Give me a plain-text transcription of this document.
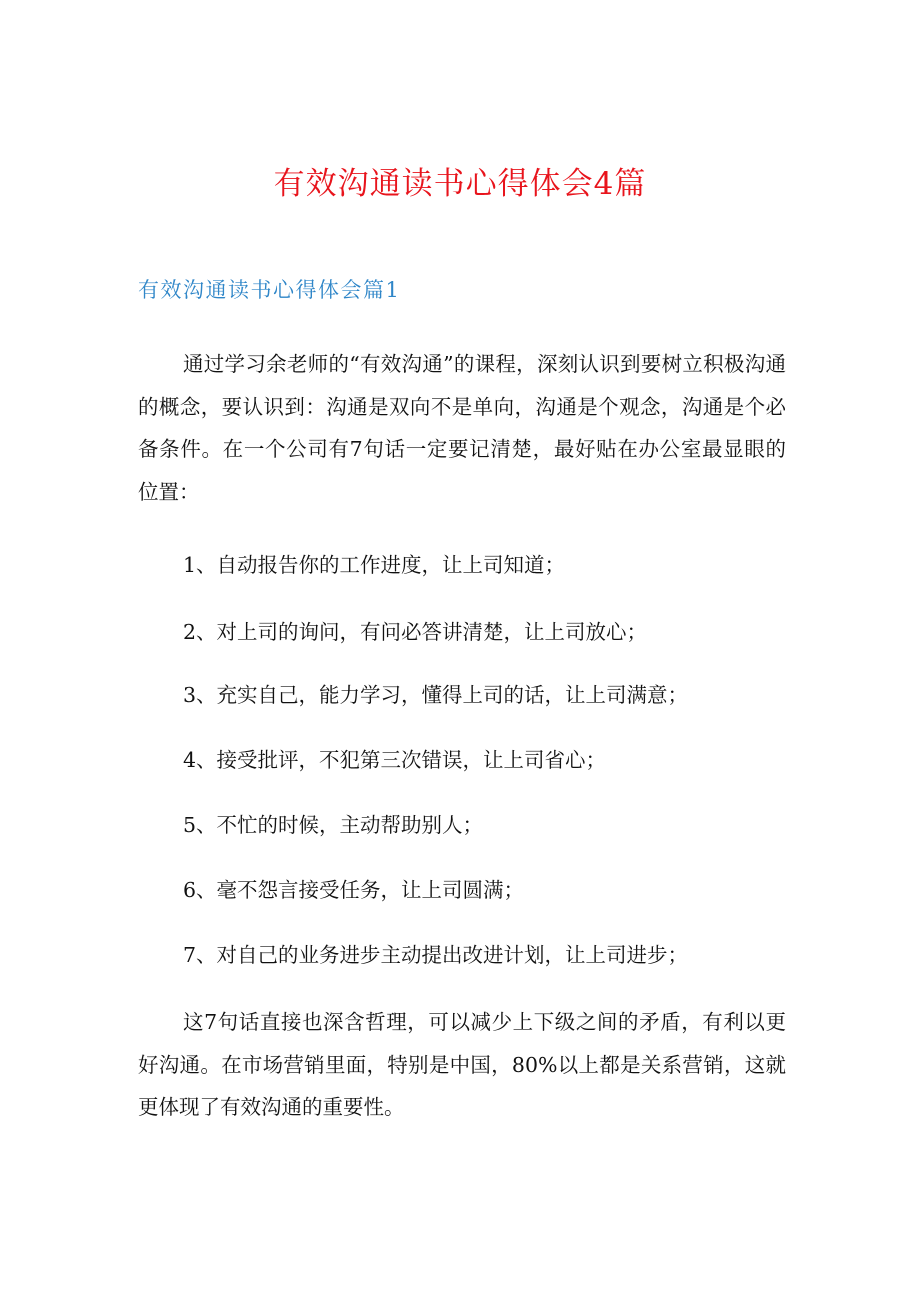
有效沟通读书心得体会4篇
有效沟通读书心得体会篇1

通过学习余老师的“有效沟通”的课程，深刻认识到要树立积极沟通的概念，要认识到：沟通是双向不是单向，沟通是个观念，沟通是个必备条件。在一个公司有7句话一定要记清楚，最好贴在办公室最显眼的位置：

1、自动报告你的工作进度，让上司知道；

2、对上司的询问，有问必答讲清楚，让上司放心；

3、充实自己，能力学习，懂得上司的话，让上司满意；

4、接受批评，不犯第三次错误，让上司省心；

5、不忙的时候，主动帮助别人；

6、毫不怨言接受任务，让上司圆满；

7、对自己的业务进步主动提出改进计划，让上司进步；

这7句话直接也深含哲理，可以减少上下级之间的矛盾，有利以更好沟通。在市场营销里面，特别是中国，80%以上都是关系营销，这就更体现了有效沟通的重要性。
